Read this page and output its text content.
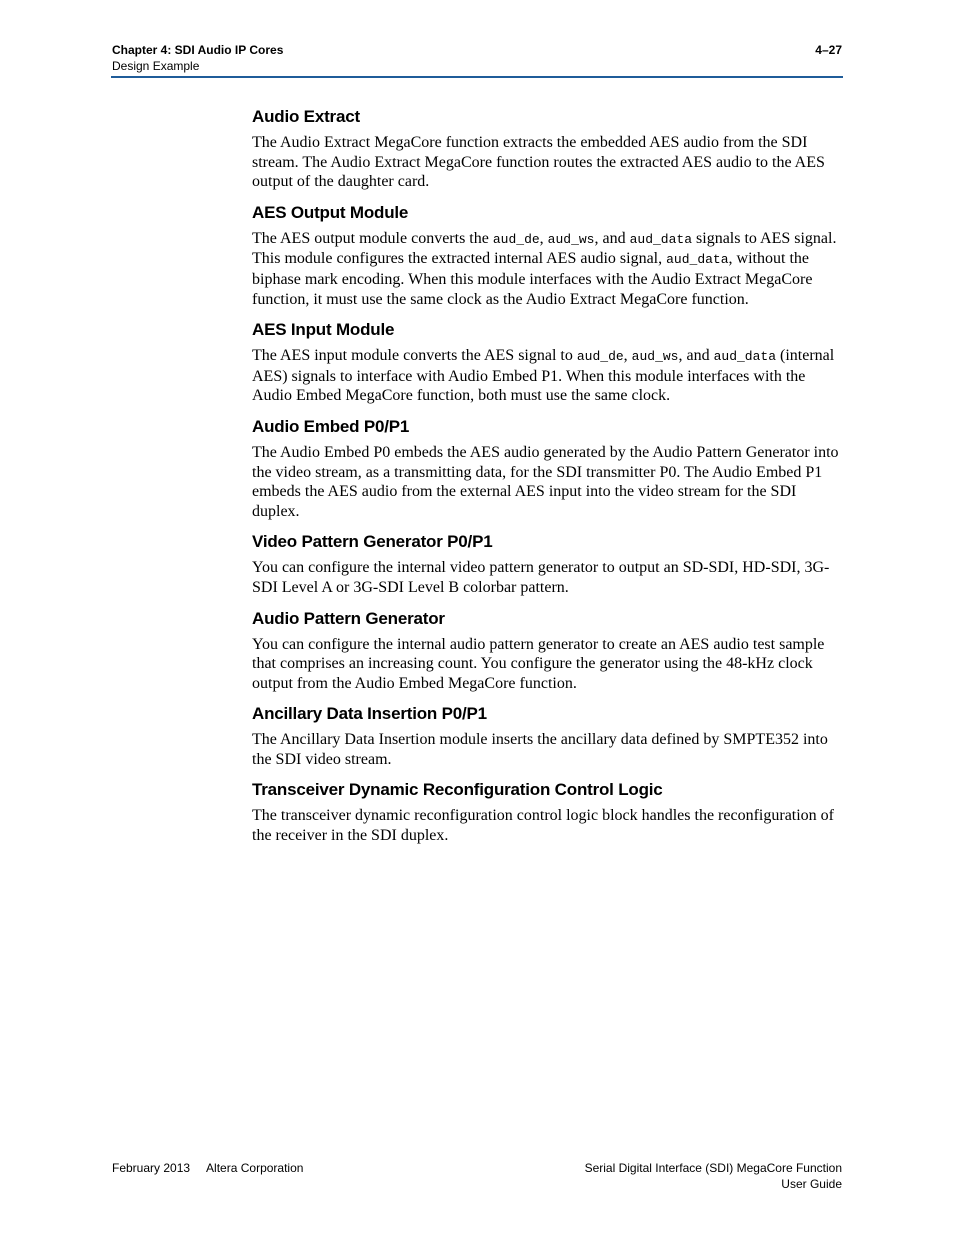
Chapter 4: SDI Audio IP Cores
Design Example
4–27
Audio Extract

The Audio Extract MegaCore function extracts the embedded AES audio from the SDI stream. The Audio Extract MegaCore function routes the extracted AES audio to the AES output of the daughter card.

AES Output Module

The AES output module converts the aud_de, aud_ws, and aud_data signals to AES signal. This module configures the extracted internal AES audio signal, aud_data, without the biphase mark encoding. When this module interfaces with the Audio Extract MegaCore function, it must use the same clock as the Audio Extract MegaCore function.

AES Input Module

The AES input module converts the AES signal to aud_de, aud_ws, and aud_data (internal AES) signals to interface with Audio Embed P1. When this module interfaces with the Audio Embed MegaCore function, both must use the same clock.

Audio Embed P0/P1

The Audio Embed P0 embeds the AES audio generated by the Audio Pattern Generator into the video stream, as a transmitting data, for the SDI transmitter P0. The Audio Embed P1 embeds the AES audio from the external AES input into the video stream for the SDI duplex.

Video Pattern Generator P0/P1

You can configure the internal video pattern generator to output an SD-SDI, HD-SDI, 3G-SDI Level A or 3G-SDI Level B colorbar pattern.

Audio Pattern Generator

You can configure the internal audio pattern generator to create an AES audio test sample that comprises an increasing count. You configure the generator using the 48-kHz clock output from the Audio Embed MegaCore function.

Ancillary Data Insertion P0/P1

The Ancillary Data Insertion module inserts the ancillary data defined by SMPTE352 into the SDI video stream.

Transceiver Dynamic Reconfiguration Control Logic

The transceiver dynamic reconfiguration control logic block handles the reconfiguration of the receiver in the SDI duplex.

February 2013 Altera Corporation	Serial Digital Interface (SDI) MegaCore Function
User Guide
